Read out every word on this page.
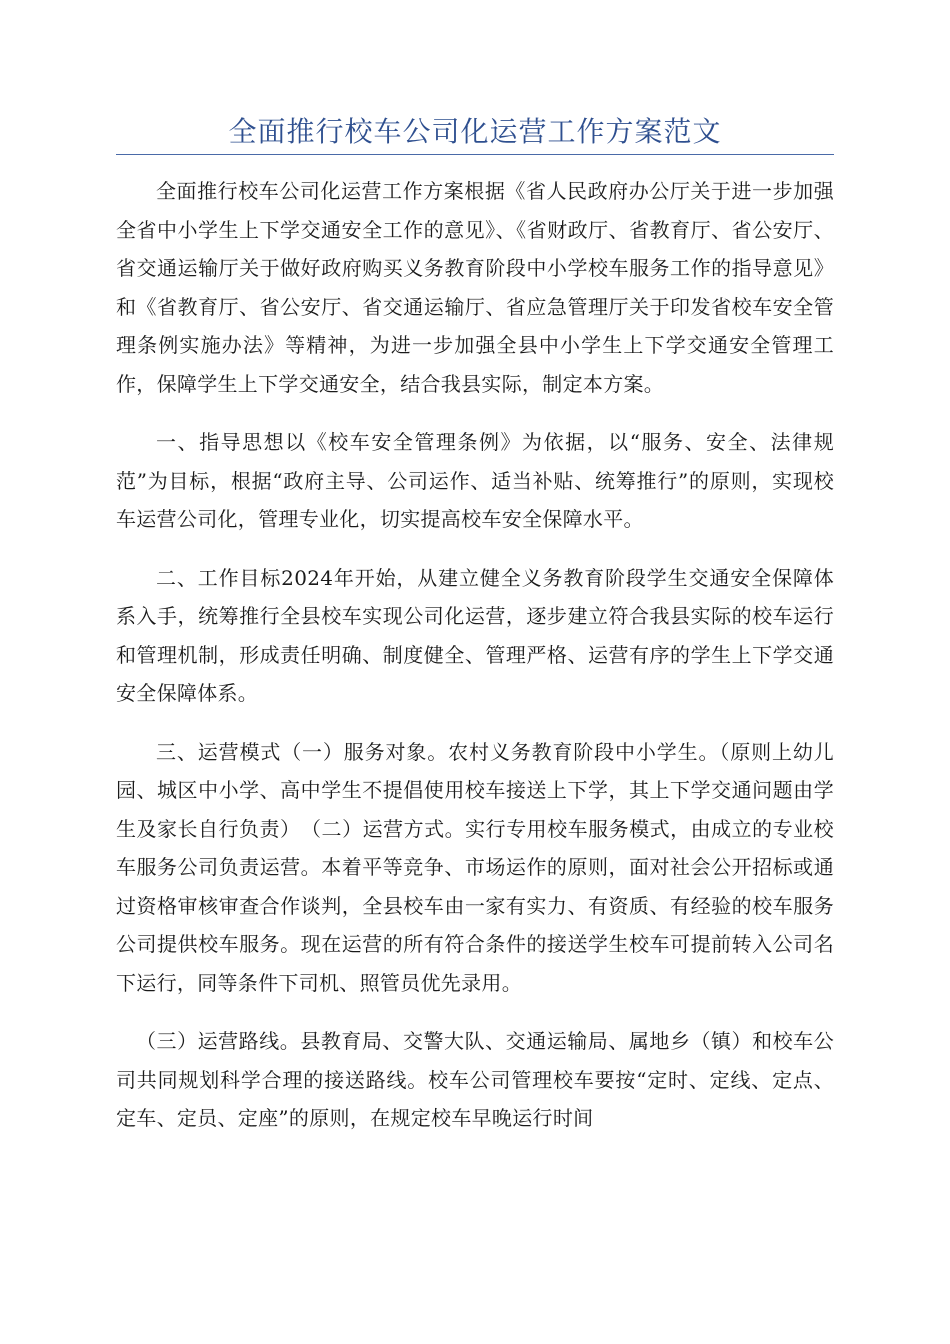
全面推行校车公司化运营工作方案范文

全面推行校车公司化运营工作方案根据《省人民政府办公厅关于进一步加强全省中小学生上下学交通安全工作的意见》、《省财政厅、省教育厅、省公安厅、省交通运输厅关于做好政府购买义务教育阶段中小学校车服务工作的指导意见》和《省教育厅、省公安厅、省交通运输厅、省应急管理厅关于印发省校车安全管理条例实施办法》等精神，为进一步加强全县中小学生上下学交通安全管理工作，保障学生上下学交通安全，结合我县实际，制定本方案。

一、指导思想以《校车安全管理条例》为依据，以“服务、安全、法律规范”为目标，根据“政府主导、公司运作、适当补贴、统筹推行”的原则，实现校车运营公司化，管理专业化，切实提高校车安全保障水平。

二、工作目标2024年开始，从建立健全义务教育阶段学生交通安全保障体系入手，统筹推行全县校车实现公司化运营，逐步建立符合我县实际的校车运行和管理机制，形成责任明确、制度健全、管理严格、运营有序的学生上下学交通安全保障体系。

三、运营模式（一）服务对象。农村义务教育阶段中小学生。（原则上幼儿园、城区中小学、高中学生不提倡使用校车接送上下学，其上下学交通问题由学生及家长自行负责）　（二）运营方式。实行专用校车服务模式，由成立的专业校车服务公司负责运营。本着平等竞争、市场运作的原则，面对社会公开招标或通过资格审核审查合作谈判，全县校车由一家有实力、有资质、有经验的校车服务公司提供校车服务。现在运营的所有符合条件的接送学生校车可提前转入公司名下运行，同等条件下司机、照管员优先录用。

（三）运营路线。县教育局、交警大队、交通运输局、属地乡（镇）和校车公司共同规划科学合理的接送路线。校车公司管理校车要按“定时、定线、定点、定车、定员、定座”的原则，在规定校车早晚运行时间
